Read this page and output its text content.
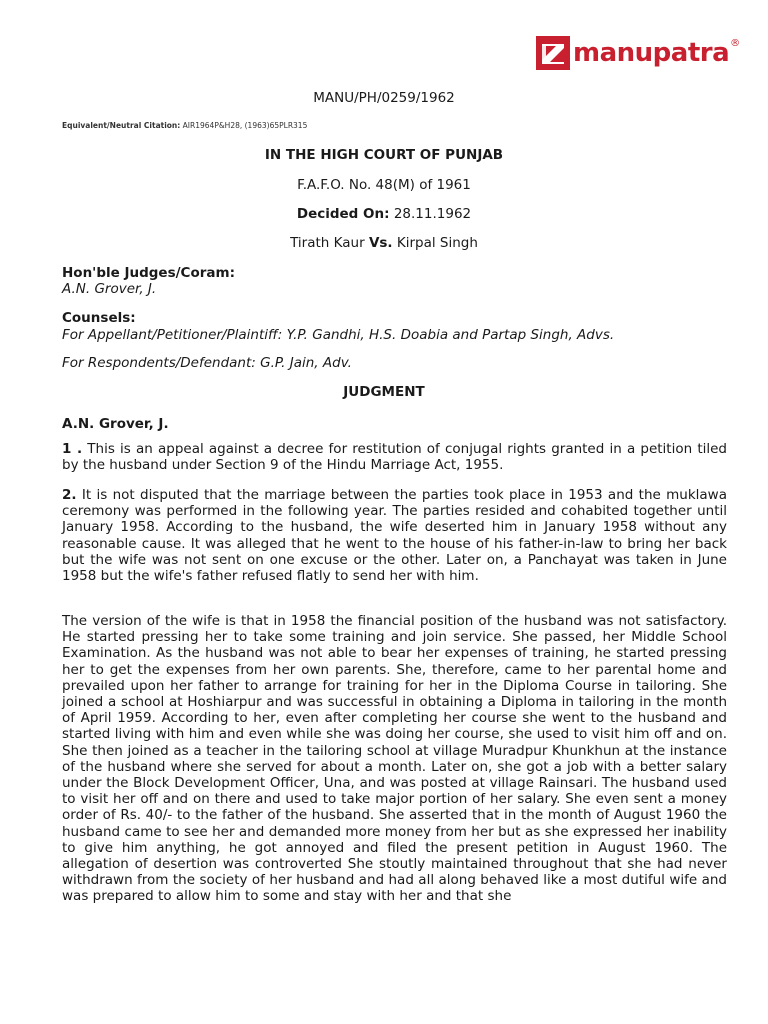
manupatra ®
MANU/PH/0259/1962
Equivalent/Neutral Citation: AIR1964P&H28, (1963)65PLR315
IN THE HIGH COURT OF PUNJAB
F.A.F.O. No. 48(M) of 1961
Decided On: 28.11.1962
Tirath Kaur Vs. Kirpal Singh
Hon'ble Judges/Coram:
A.N. Grover, J.
Counsels:
For Appellant/Petitioner/Plaintiff: Y.P. Gandhi, H.S. Doabia and Partap Singh, Advs.
For Respondents/Defendant: G.P. Jain, Adv.
JUDGMENT
A.N. Grover, J.
1 . This is an appeal against a decree for restitution of conjugal rights granted in a petition tiled by the husband under Section 9 of the Hindu Marriage Act, 1955.
2. It is not disputed that the marriage between the parties took place in 1953 and the muklawa ceremony was performed in the following year. The parties resided and cohabited together until January 1958. According to the husband, the wife deserted him in January 1958 without any reasonable cause. It was alleged that he went to the house of his father-in-law to bring her back but the wife was not sent on one excuse or the other. Later on, a Panchayat was taken in June 1958 but the wife's father refused flatly to send her with him.
The version of the wife is that in 1958 the financial position of the husband was not satisfactory. He started pressing her to take some training and join service. She passed, her Middle School Examination. As the husband was not able to bear her expenses of training, he started pressing her to get the expenses from her own parents. She, therefore, came to her parental home and prevailed upon her father to arrange for training for her in the Diploma Course in tailoring. She joined a school at Hoshiarpur and was successful in obtaining a Diploma in tailoring in the month of April 1959. According to her, even after completing her course she went to the husband and started living with him and even while she was doing her course, she used to visit him off and on. She then joined as a teacher in the tailoring school at village Muradpur Khunkhun at the instance of the husband where she served for about a month. Later on, she got a job with a better salary under the Block Development Officer, Una, and was posted at village Rainsari. The husband used to visit her off and on there and used to take major portion of her salary. She even sent a money order of Rs. 40/- to the father of the husband. She asserted that in the month of August 1960 the husband came to see her and demanded more money from her but as she expressed her inability to give him anything, he got annoyed and filed the present petition in August 1960. The allegation of desertion was controverted She stoutly maintained throughout that she had never withdrawn from the society of her husband and had all along behaved like a most dutiful wife and was prepared to allow him to some and stay with her and that she
